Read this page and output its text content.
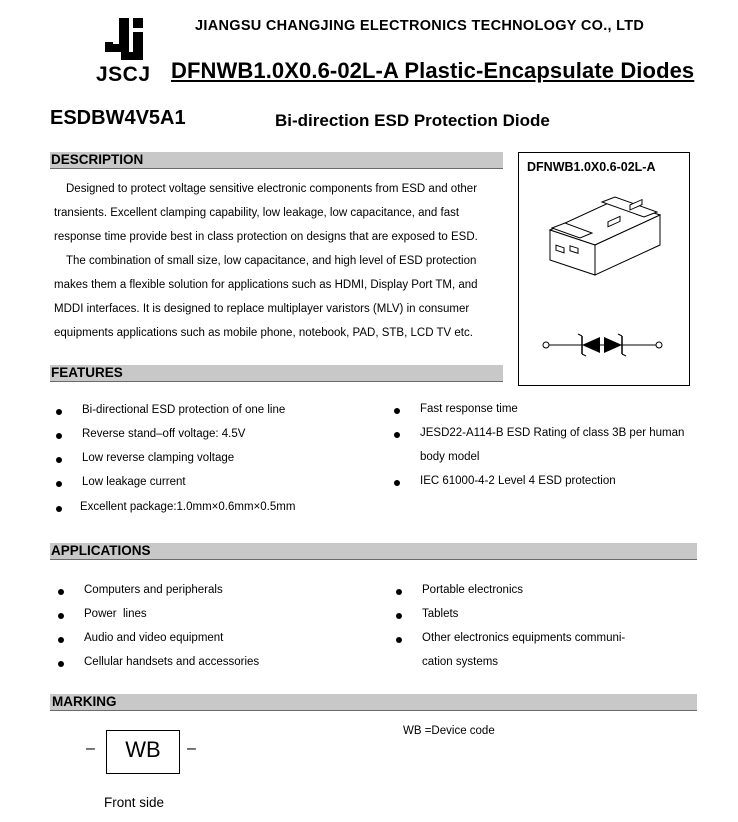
JSCJ
JIANGSU CHANGJING ELECTRONICS TECHNOLOGY CO., LTD
DFNWB1.0X0.6-02L-A Plastic-Encapsulate Diodes
ESDBW4V5A1	Bi-direction ESD Protection Diode
DESCRIPTION

Designed to protect voltage sensitive electronic components from ESD and other

transients. Excellent clamping capability, low leakage, low capacitance, and fast

response time provide best in class protection on designs that are exposed to ESD.

The combination of small size, low capacitance, and high level of ESD protection

makes them a flexible solution for applications such as HDMI, Display Port TM, and

MDDI interfaces. It is designed to replace multiplayer varistors (MLV) in consumer

equipments applications such as mobile phone, notebook, PAD, STB, LCD TV etc.

DFNWB1.0X0.6-02L-A
FEATURES
Bi-directional ESD protection of one line
Reverse stand–off voltage: 4.5V
Low reverse clamping voltage
Low leakage current
Excellent package:1.0mm×0.6mm×0.5mm
Fast response time
JESD22-A114-B ESD Rating of class 3B per human
body model
IEC 61000-4-2 Level 4 ESD protection
APPLICATIONS
Computers and peripherals
Power  lines
Audio and video equipment
Cellular handsets and accessories
Portable electronics
Tablets
Other electronics equipments communi-
cation systems
MARKING
–	WB	–
Front side
WB =Device code
